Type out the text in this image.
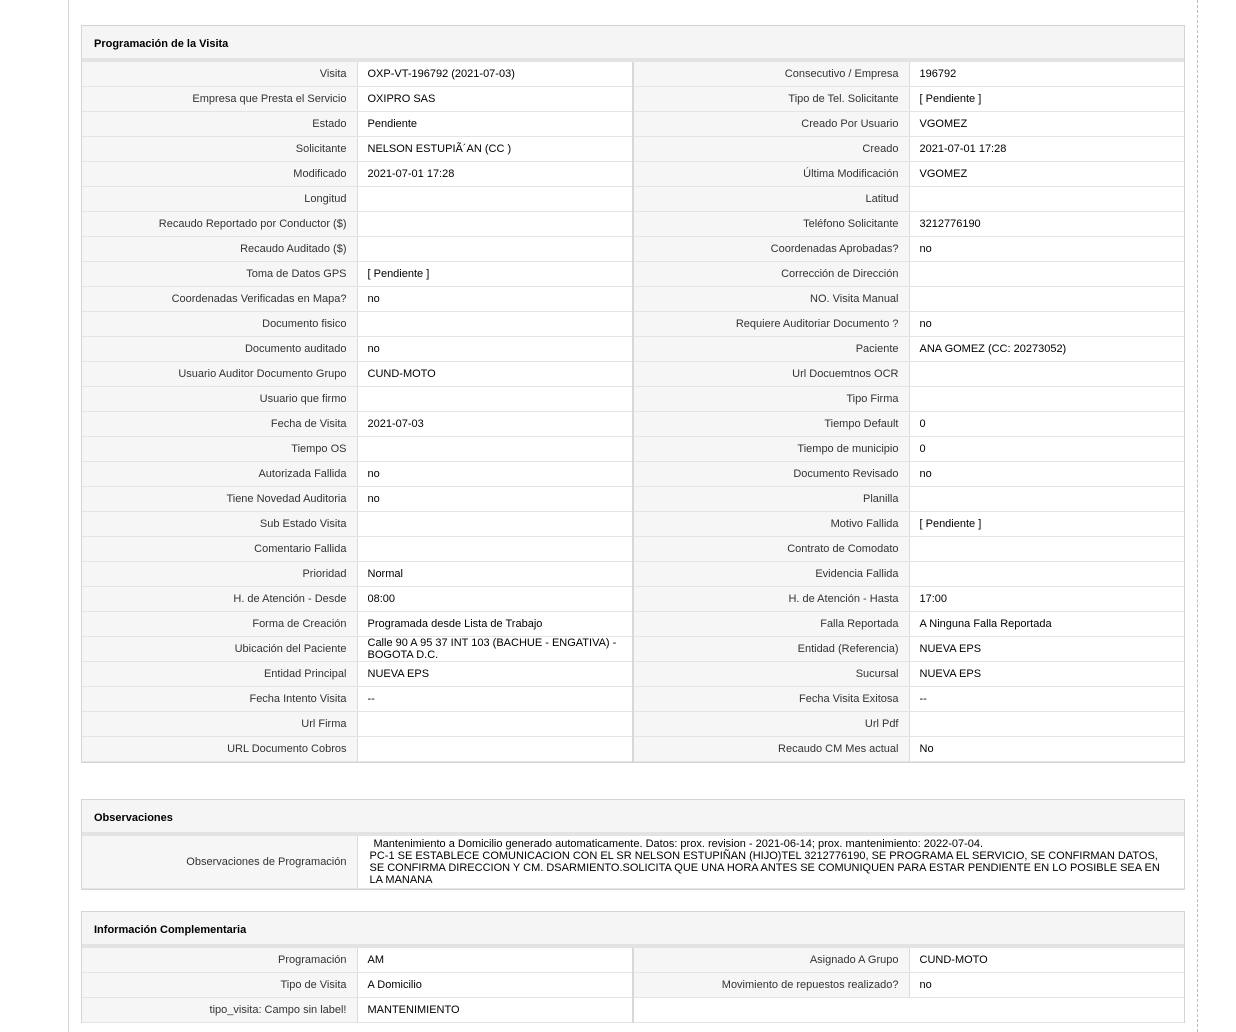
Programación de la Visita
Visita	OXP-VT-196792 (2021-07-03)	Consecutivo / Empresa	196792
Empresa que Presta el Servicio	OXIPRO SAS	Tipo de Tel. Solicitante	[ Pendiente ]
Estado	Pendiente	Creado Por Usuario	VGOMEZ
Solicitante	NELSON ESTUPIÃ´AN (CC )	Creado	2021-07-01 17:28
Modificado	2021-07-01 17:28	Última Modificación	VGOMEZ
Longitud		Latitud	
Recaudo Reportado por Conductor ($)		Teléfono Solicitante	3212776190
Recaudo Auditado ($)		Coordenadas Aprobadas?	no
Toma de Datos GPS	[ Pendiente ]	Corrección de Dirección	
Coordenadas Verificadas en Mapa?	no	NO. Visita Manual	
Documento fisico		Requiere Auditoriar Documento ?	no
Documento auditado	no	Paciente	ANA GOMEZ (CC: 20273052)
Usuario Auditor Documento Grupo	CUND-MOTO	Url Docuemtnos OCR	
Usuario que firmo		Tipo Firma	
Fecha de Visita	2021-07-03	Tiempo Default	0
Tiempo OS		Tiempo de municipio	0
Autorizada Fallida	no	Documento Revisado	no
Tiene Novedad Auditoria	no	Planilla	
Sub Estado Visita		Motivo Fallida	[ Pendiente ]
Comentario Fallida		Contrato de Comodato	
Prioridad	Normal	Evidencia Fallida	
H. de Atención - Desde	08:00	H. de Atención - Hasta	17:00
Forma de Creación	Programada desde Lista de Trabajo	Falla Reportada	A Ninguna Falla Reportada
Ubicación del Paciente	Calle 90 A 95 37 INT 103 (BACHUE - ENGATIVA) - BOGOTA D.C.	Entidad (Referencia)	NUEVA EPS
Entidad Principal	NUEVA EPS	Sucursal	NUEVA EPS
Fecha Intento Visita	--	Fecha Visita Exitosa	--
Url Firma		Url Pdf	
URL Documento Cobros		Recaudo CM Mes actual	No
Observaciones
Observaciones de Programación	
Mantenimiento a Domicilio generado automaticamente. Datos: prox. revision - 2021-06-14; prox. mantenimiento: 2022-07-04.
PC-1 SE ESTABLECE COMUNICACION CON EL SR NELSON ESTUPIÑAN (HIJO)TEL 3212776190, SE PROGRAMA EL SERVICIO, SE CONFIRMAN DATOS, SE CONFIRMA DIRECCION Y CM. DSARMIENTO.SOLICITA QUE UNA HORA ANTES SE COMUNIQUEN PARA ESTAR PENDIENTE EN LO POSIBLE SEA EN LA MANANA
Información Complementaria
Programación	AM	Asignado A Grupo	CUND-MOTO
Tipo de Visita	A Domicilio	Movimiento de repuestos realizado?	no
tipo_visita: Campo sin label!	MANTENIMIENTO		
